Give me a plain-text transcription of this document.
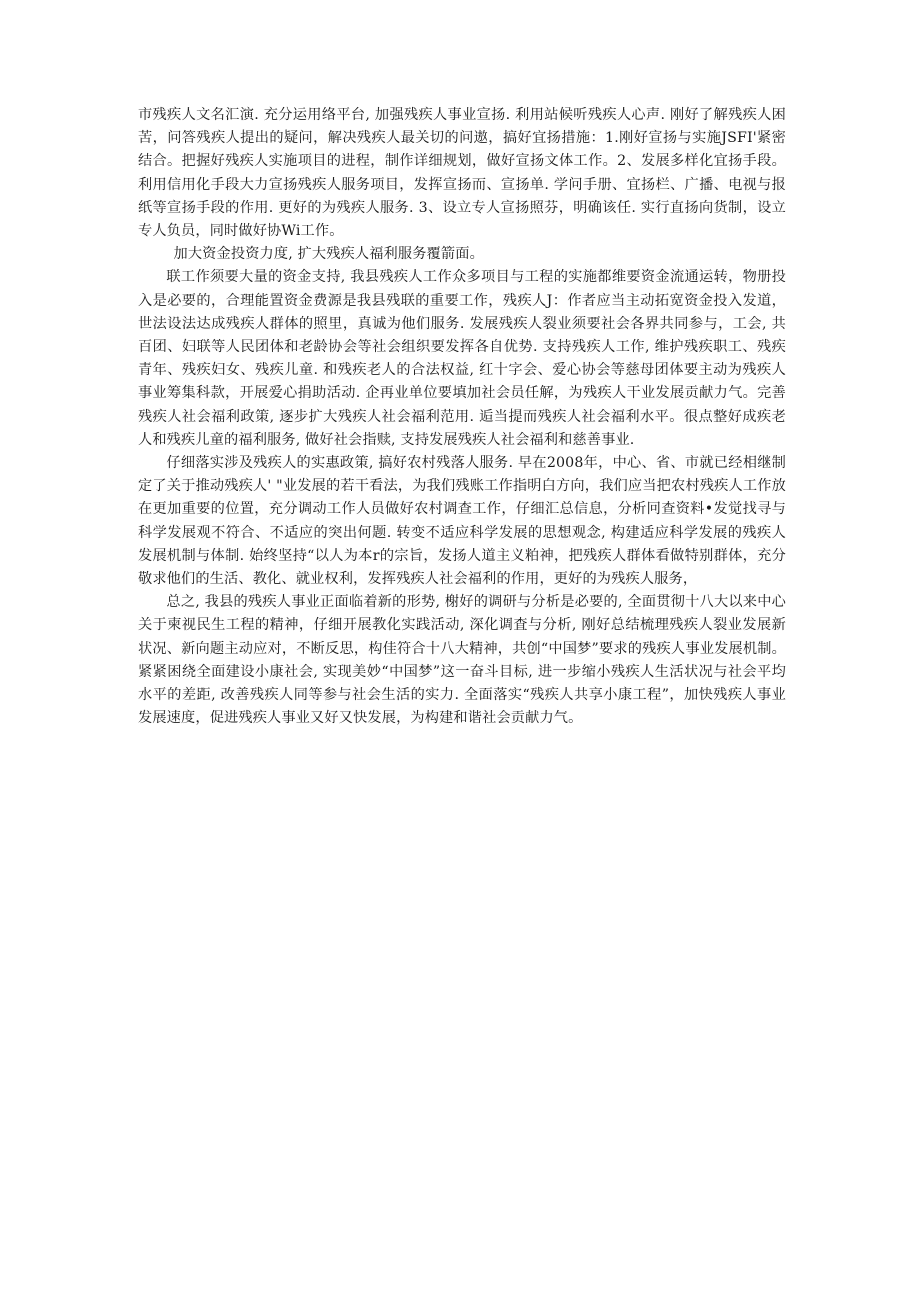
市残疾人文名汇演. 充分运用络平台, 加强残疾人事业宣扬. 利用站候听残疾人心声. 刚好了解残疾人困苦，问答残疾人提出的疑问，解决残疾人最关切的问遨，搞好宜扬措施：1.刚好宣扬与实施JSFI'紧密结合。把握好残疾人实施项目的进程，制作详细规划，做好宣扬文体工作。2、发展多样化宜扬手段。利用信用化手段大力宣扬残疾人服务项目，发挥宣扬而、宣扬单. 学问手册、宜扬栏、广播、电视与报纸等宣扬手段的作用. 更好的为残疾人服务. 3、设立专人宣扬照芬，明确该任. 实行直扬向货制，设立专人负员，同时做好协Wi工作。

加大资金投资力度, 扩大残疾人福利服务覆箭面。

联工作须要大量的资金支持, 我县残疾人工作众多项目与工程的实施都维要资金流通运转，物册投入是必要的，合理能置资金费源是我县残联的重要工作，残疾人J：作者应当主动拓宽资金投入发道，世法设法达成残疾人群体的照里，真诚为他们服务. 发展残疾人裂业须要社会各界共同参与，工会, 共百团、妇联等人民团体和老龄协会等社会组织要发挥各自优势. 支持残疾人工作, 维护残疾职工、残疾青年、残疾妇女、残疾儿童. 和残疾老人的合法权益, 红十字会、爱心协会等慈母团体要主动为残疾人事业筹集科款，开展爱心捐助活动. 企再业单位要填加社会员任解，为残疾人干业发展贡献力气。完善残疾人社会福利政策, 逐步扩大残疾人社会福利范用. 逅当提而残疾人社会福利水平。很点整好成疾老人和残疾儿童的福利服务, 做好社会指赎, 支持发展残疾人社会福利和慈善事业.

仔细落实涉及残疾人的实惠政策, 搞好农村残落人服务. 早在2008年，中心、省、市就已经相继制定了关于推动残疾人' "业发展的若干看法，为我们残账工作指明白方向，我们应当把农村残疾人工作放在更加重要的位置，充分调动工作人员做好农村调查工作，仔细汇总信息，分析冋查资料•发觉找寻与科学发展观不符合、不适应的突出何题. 转变不适应科学发展的思想观念, 构建适应科学发展的残疾人发展机制与体制. 始终坚持“以人为本r的宗旨，发扬人道主义粕神，把残疾人群体看做特别群体，充分敬求他们的生活、教化、就业权利，发挥残疾人社会福利的作用，更好的为残疾人服务，

总之, 我县的残疾人事业正面临着新的形势, 榭好的调研与分析是必要的, 全面贯彻十八大以来中心关于柬视民生工程的精神，仔细开展教化实践活动, 深化调査与分析, 刚好总结梳理残疾人裂业发展新状况、新向题主动应对，不断反思，构佳符合十八大精神，共创“中国梦”要求的残疾人事业发展机制。紧紧困绕全面建设小康社会, 实现美妙“中国梦”这一奋斗目标, 进一步缩小残疾人生活状况与社会平均水平的差距, 改善残疾人同等参与社会生活的实力. 全面落实“残疾人共享小康工程”，加快残疾人事业发展速度，促进残疾人事业又好又快发展，为构建和谐社会贡献力气。
